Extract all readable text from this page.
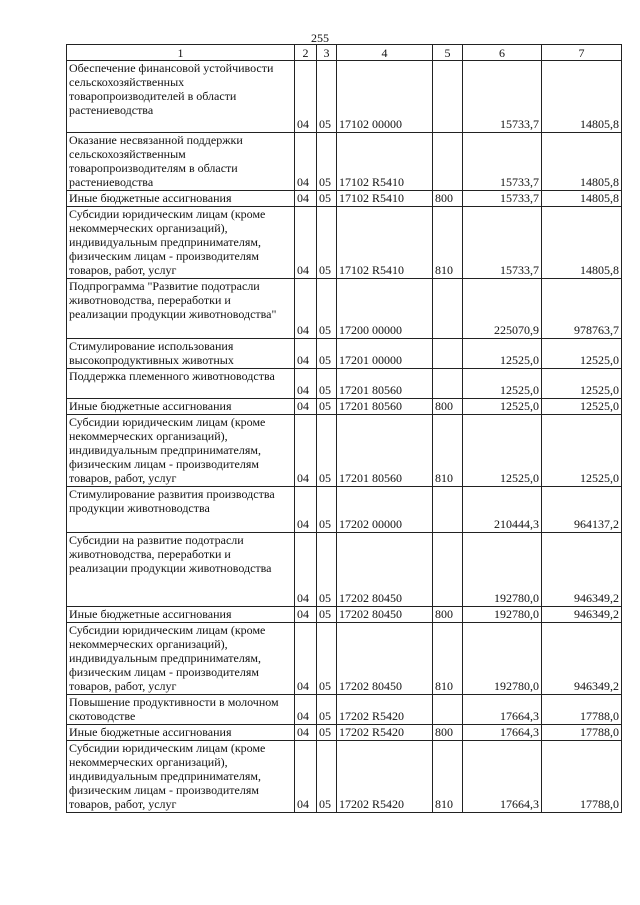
255
1	2	3	4	5	6	7
Обеспечение финансовой устойчивости сельскохозяйственных товаропроизводителей в области растениеводства	04	05	17102 00000		15733,7	14805,8
Оказание несвязанной поддержки сельскохозяйственным товаропроизводителям в области растениеводства	04	05	17102 R5410		15733,7	14805,8
Иные бюджетные ассигнования	04	05	17102 R5410	800	15733,7	14805,8
Субсидии юридическим лицам (кроме некоммерческих организаций), индивидуальным предпринимателям, физическим лицам - производителям товаров, работ, услуг	04	05	17102 R5410	810	15733,7	14805,8
Подпрограмма "Развитие подотрасли животноводства, переработки и реализации продукции животноводства"	04	05	17200 00000		225070,9	978763,7
Стимулирование использования высокопродуктивных животных	04	05	17201 00000		12525,0	12525,0
Поддержка племенного животноводства	04	05	17201 80560		12525,0	12525,0
Иные бюджетные ассигнования	04	05	17201 80560	800	12525,0	12525,0
Субсидии юридическим лицам (кроме некоммерческих организаций), индивидуальным предпринимателям, физическим лицам - производителям товаров, работ, услуг	04	05	17201 80560	810	12525,0	12525,0
Стимулирование развития производства продукции животноводства	04	05	17202 00000		210444,3	964137,2
Субсидии на развитие подотрасли животноводства, переработки и реализации продукции животноводства	04	05	17202 80450		192780,0	946349,2
Иные бюджетные ассигнования	04	05	17202 80450	800	192780,0	946349,2
Субсидии юридическим лицам (кроме некоммерческих организаций), индивидуальным предпринимателям, физическим лицам - производителям товаров, работ, услуг	04	05	17202 80450	810	192780,0	946349,2
Повышение продуктивности в молочном скотоводстве	04	05	17202 R5420		17664,3	17788,0
Иные бюджетные ассигнования	04	05	17202 R5420	800	17664,3	17788,0
Субсидии юридическим лицам (кроме некоммерческих организаций), индивидуальным предпринимателям, физическим лицам - производителям товаров, работ, услуг	04	05	17202 R5420	810	17664,3	17788,0
